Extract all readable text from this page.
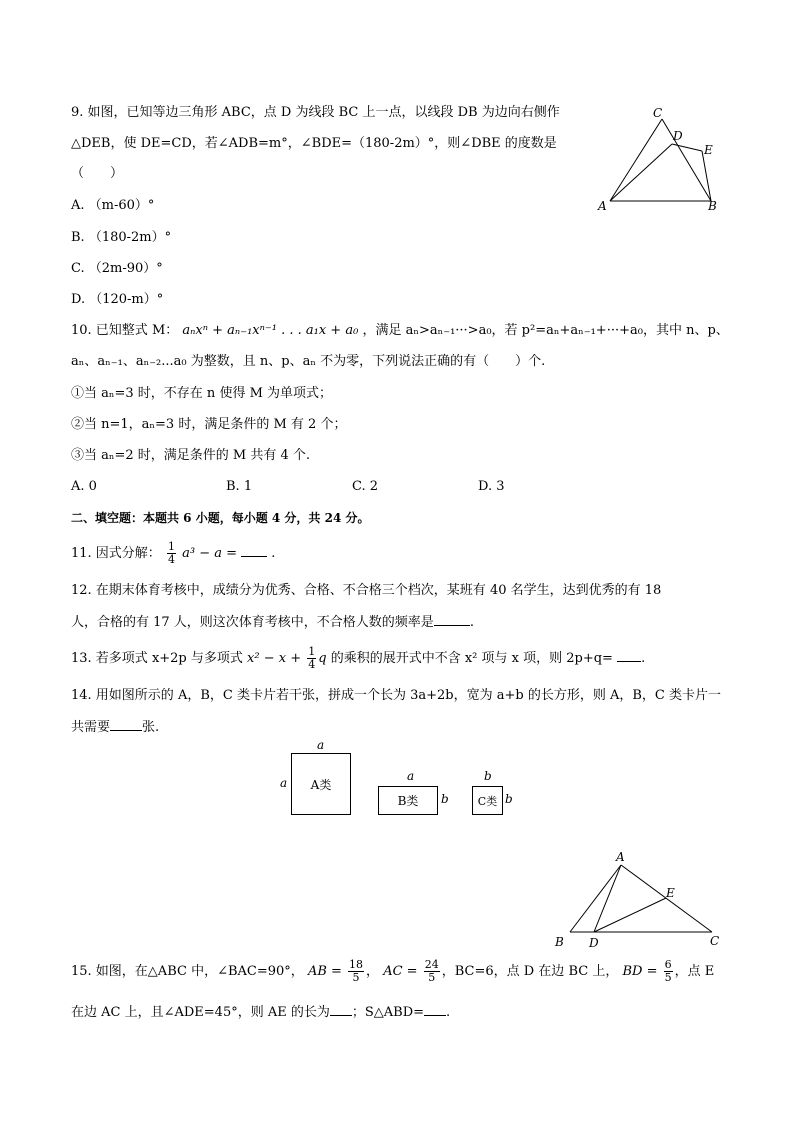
9. 如图，已知等边三角形 ABC，点 D 为线段 BC 上一点，以线段 DB 为边向右侧作
△DEB，使 DE=CD，若∠ADB=m°，∠BDE=（180-2m）°，则∠DBE 的度数是
（　　）
A. （m-60）°
B. （180-2m）°
C. （2m-90）°
D. （120-m）°
C
D
E
A	B
10. 已知整式 M： aₙxⁿ + aₙ₋₁xⁿ⁻¹ . . . a₁x + a₀ ，满足 aₙ>aₙ₋₁···>a₀，若 p²=aₙ+aₙ₋₁+···+a₀，其中 n、p、
aₙ、aₙ₋₁、aₙ₋₂...a₀ 为整数，且 n、p、aₙ 不为零，下列说法正确的有（　　）个.
①当 aₙ=3 时，不存在 n 使得 M 为单项式；
②当 n=1，aₙ=3 时，满足条件的 M 有 2 个；
③当 aₙ=2 时，满足条件的 M 共有 4 个.
A. 0	B. 1	C. 2	D. 3
二、填空题：本题共 6 小题，每小题 4 分，共 24 分。
11. 因式分解： $\frac{1}{4} a^3 - a$ =	.
12. 在期末体育考核中，成绩分为优秀、合格、不合格三个档次，某班有 40 名学生，达到优秀的有 18
人，合格的有 17 人，则这次体育考核中，不合格人数的频率是	.
13. 若多项式 x+2p 与多项式 $x^2 - x + \frac{1}{4}$ q 的乘积的展开式中不含 x² 项与 x 项，则 2p+q= .
14. 用如图所示的 A，B，C 类卡片若干张，拼成一个长为 3a+2b，宽为 a+b 的长方形，则 A，B，C 类卡片一
共需要 张.
a
a A类
a
B类 b
b
C类 b
A
E
B D	C
15. 如图，在△ABC 中，∠BAC=90°， AB = $\frac{18}{5}$ ， AC = $\frac{24}{5}$ ，BC=6，点 D 在边 BC 上， BD = $\frac{6}{5}$ ，点 E
在边 AC 上，且∠ADE=45°，则 AE 的长为 ；S△ABD= .
